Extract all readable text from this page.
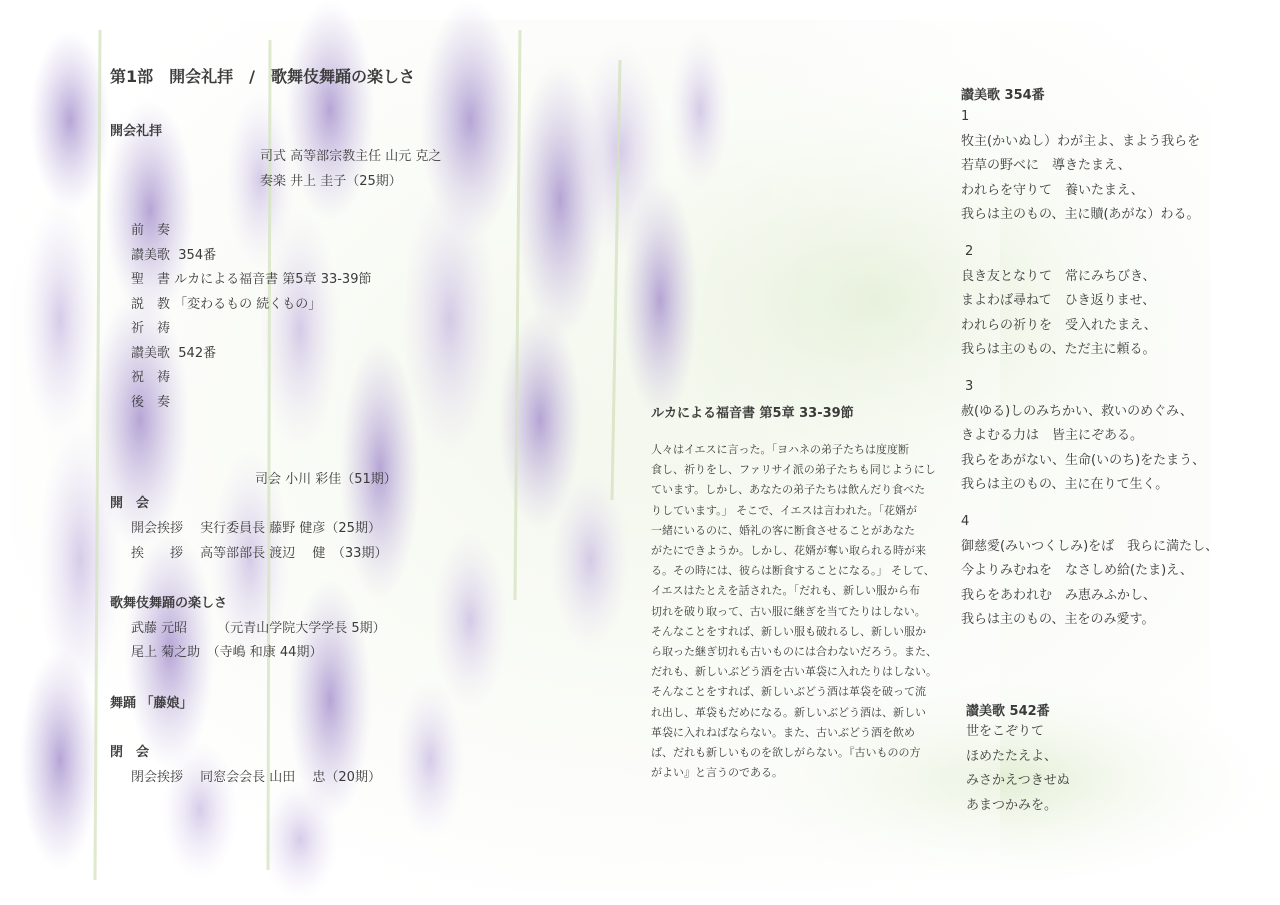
第1部　開会礼拝　/　歌舞伎舞踊の楽しさ
開会礼拝
司式 高等部宗教主任 山元 克之
奏楽 井上 圭子（25期）
前　奏
讃美歌 354番
聖　書 ルカによる福音書 第5章 33-39節
説　教 「変わるもの 続くもの」
祈　祷
讃美歌 542番
祝　祷
後　奏
司会 小川 彩佳（51期）
開　会
開会挨拶　 実行委員長 藤野 健彦（25期）
挨　　拶　 高等部部長 渡辺　 健　（33期）
歌舞伎舞踊の楽しさ
武藤 元昭　　 （元青山学院大学学長 5期）
尾上 菊之助　（寺嶋 和康 44期）
舞踊 「藤娘」
閉　会
閉会挨拶　 同窓会会長 山田　 忠（20期）
ルカによる福音書 第5章 33-39節
人々はイエスに言った。「ヨハネの弟子たちは度度断
食し、祈りをし、ファリサイ派の弟子たちも同じようにし
ています。しかし、あなたの弟子たちは飲んだり食べた
りしています。」 そこで、イエスは言われた。「花婿が
一緒にいるのに、婚礼の客に断食させることがあなた
がたにできようか。しかし、花婿が奪い取られる時が来
る。その時には、彼らは断食することになる。」 そして、
イエスはたとえを話された。「だれも、新しい服から布
切れを破り取って、古い服に継ぎを当てたりはしない。
そんなことをすれば、新しい服も破れるし、新しい服か
ら取った継ぎ切れも古いものには合わないだろう。また、
だれも、新しいぶどう酒を古い革袋に入れたりはしない。
そんなことをすれば、新しいぶどう酒は革袋を破って流
れ出し、革袋もだめになる。新しいぶどう酒は、新しい
革袋に入れねばならない。また、古いぶどう酒を飲め
ば、だれも新しいものを欲しがらない。『古いものの方
がよい』と言うのである。
讃美歌 354番
1
牧主(かいぬし）わが主よ、まよう我らを
若草の野べに　導きたまえ、
われらを守りて　養いたまえ、
我らは主のもの、主に贖(あがな）わる。
2
良き友となりて　常にみちびき、
まよわば尋ねて　ひき返りませ、
われらの祈りを　受入れたまえ、
我らは主のもの、ただ主に頼る。
3
赦(ゆる)しのみちかい、救いのめぐみ、
きよむる力は　皆主にぞある。
我らをあがない、生命(いのち)をたまう、
我らは主のもの、主に在りて生く。
4
御慈愛(みいつくしみ)をば　我らに満たし、
今よりみむねを　なさしめ給(たま)え、
我らをあわれむ　み恵みふかし、
我らは主のもの、主をのみ愛す。
讃美歌 542番
世をこぞりて
ほめたたえよ、
みさかえつきせぬ
あまつかみを。
